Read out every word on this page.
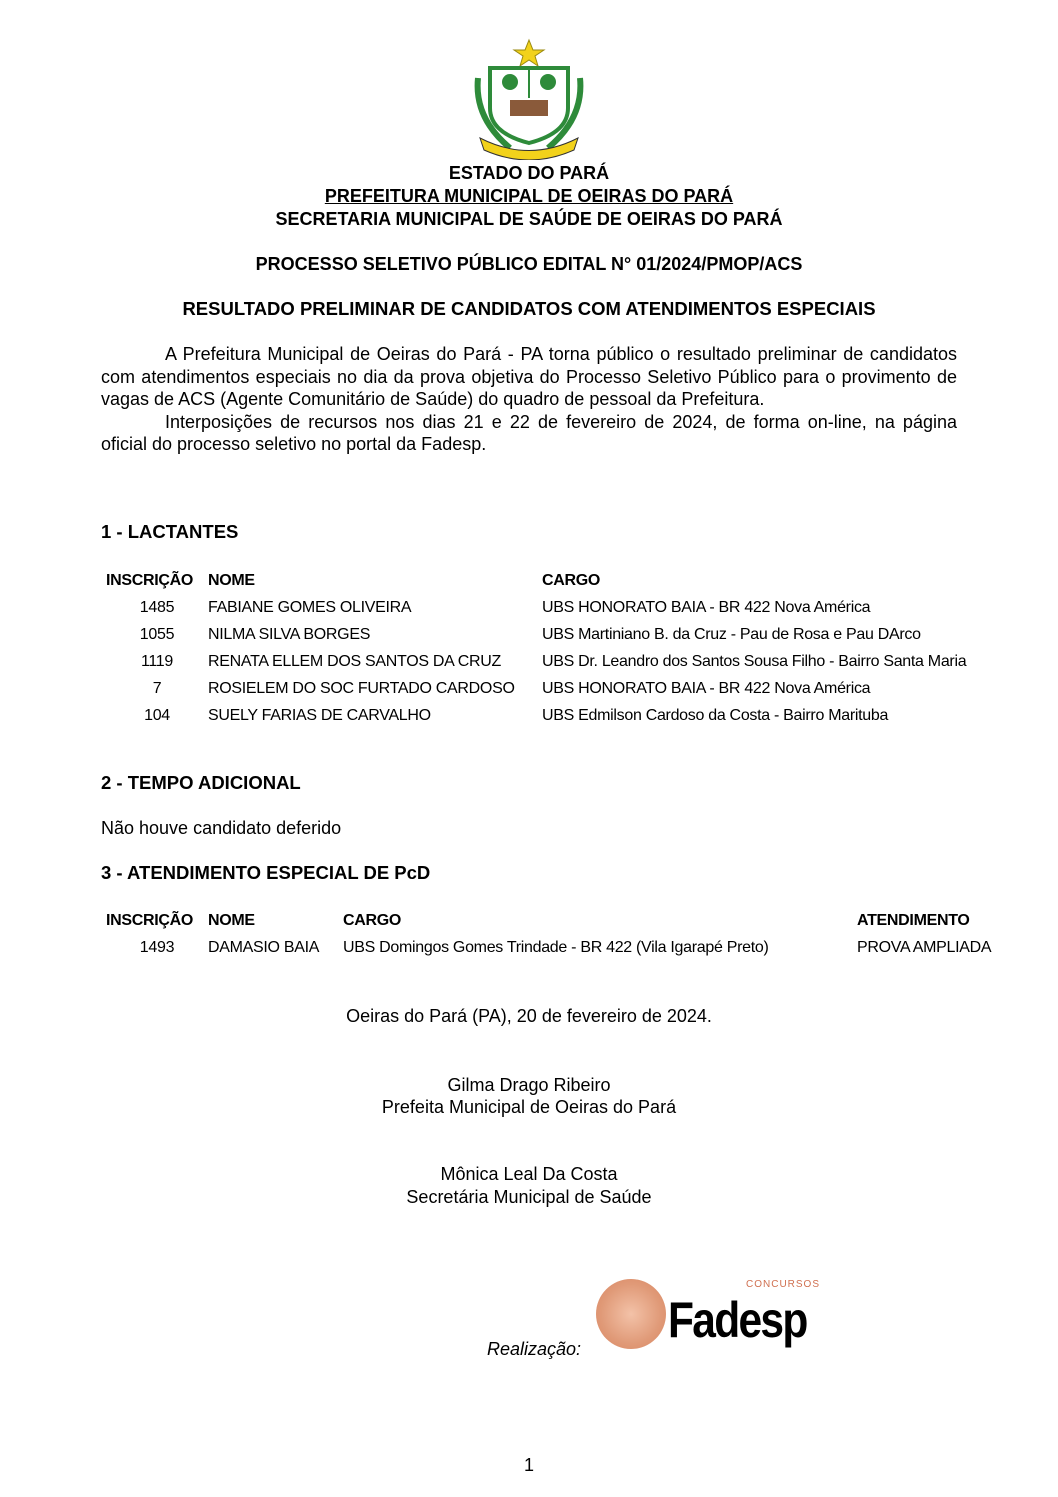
ESTADO DO PARÁ
PREFEITURA MUNICIPAL DE OEIRAS DO PARÁ
SECRETARIA MUNICIPAL DE SAÚDE DE OEIRAS DO PARÁ
PROCESSO SELETIVO PÚBLICO EDITAL N° 01/2024/PMOP/ACS
RESULTADO PRELIMINAR DE CANDIDATOS COM ATENDIMENTOS ESPECIAIS

A Prefeitura Municipal de Oeiras do Pará - PA torna público o resultado preliminar de candidatos com atendimentos especiais no dia da prova objetiva do Processo Seletivo Público para o provimento de vagas de ACS (Agente Comunitário de Saúde) do quadro de pessoal da Prefeitura.

Interposições de recursos nos dias 21 e 22 de fevereiro de 2024, de forma on-line, na página oficial do processo seletivo no portal da Fadesp.

1 - LACTANTES
INSCRIÇÃO	NOME	CARGO
1485	FABIANE GOMES OLIVEIRA	UBS HONORATO BAIA - BR 422 Nova América
1055	NILMA SILVA BORGES	UBS Martiniano B. da Cruz - Pau de Rosa e Pau DArco
1119	RENATA ELLEM DOS SANTOS DA CRUZ	UBS Dr. Leandro dos Santos Sousa Filho - Bairro Santa Maria
7	ROSIELEM DO SOC FURTADO CARDOSO	UBS HONORATO BAIA - BR 422 Nova América
104	SUELY FARIAS DE CARVALHO	UBS Edmilson Cardoso da Costa - Bairro Marituba
2 - TEMPO ADICIONAL
Não houve candidato deferido
3 - ATENDIMENTO ESPECIAL DE PcD
INSCRIÇÃO	NOME	CARGO	ATENDIMENTO
1493	DAMASIO BAIA	UBS Domingos Gomes Trindade - BR 422 (Vila Igarapé Preto)	PROVA AMPLIADA
Oeiras do Pará (PA), 20 de fevereiro de 2024.
Gilma Drago Ribeiro
Prefeita Municipal de Oeiras do Pará
Mônica Leal Da Costa
Secretária Municipal de Saúde
Realização:
CONCURSOS
Fadesp
1
